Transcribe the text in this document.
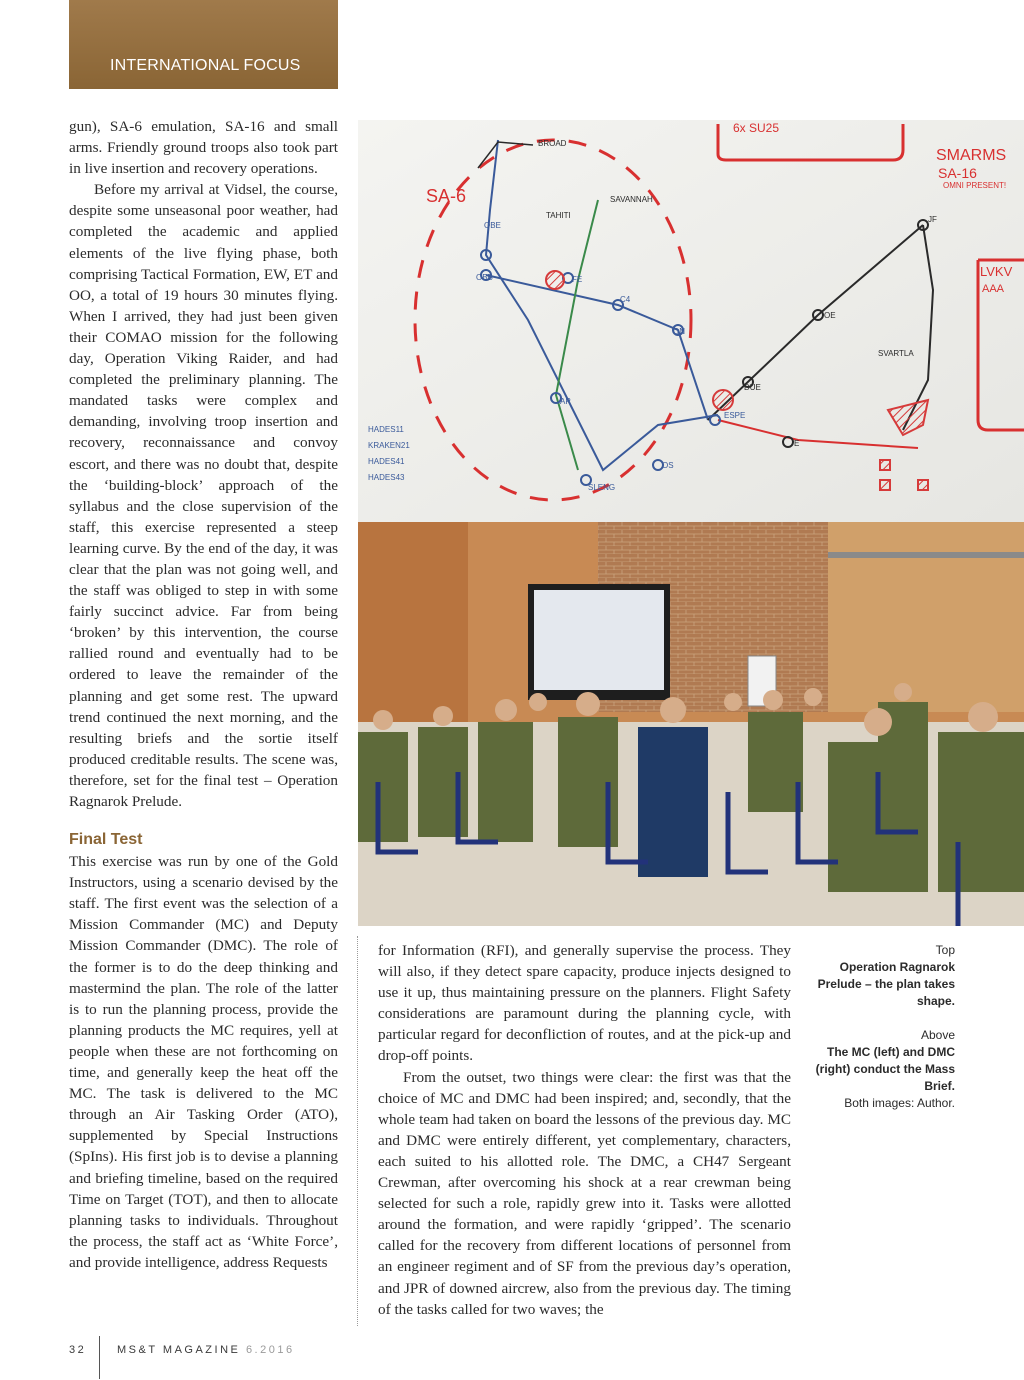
INTERNATIONAL FOCUS

gun), SA-6 emulation, SA-16 and small arms. Friendly ground troops also took part in live insertion and recovery operations.

Before my arrival at Vidsel, the course, despite some unseasonal poor weather, had completed the academic and applied elements of the live flying phase, both comprising Tactical Formation, EW, ET and OO, a total of 19 hours 30 minutes flying. When I arrived, they had just been given their COMAO mission for the following day, Operation Viking Raider, and had completed the preliminary planning. The mandated tasks were complex and demanding, involving troop insertion and recovery, reconnaissance and convoy escort, and there was no doubt that, despite the ‘building-block’ approach of the syllabus and the close supervision of the staff, this exercise represented a steep learning curve. By the end of the day, it was clear that the plan was not going well, and the staff was obliged to step in with some fairly succinct advice. Far from being ‘broken’ by this intervention, the course rallied round and eventually had to be ordered to leave the remainder of the planning and get some rest. The upward trend continued the next morning, and the resulting briefs and the sortie itself produced creditable results. The scene was, therefore, set for the final test – Operation Ragnarok Prelude.

Final Test

This exercise was run by one of the Gold Instructors, using a scenario devised by the staff. The first event was the selection of a Mission Commander (MC) and Deputy Mission Commander (DMC). The role of the former is to do the deep thinking and mastermind the plan. The role of the latter is to run the planning process, provide the planning products the MC requires, yell at people when these are not forthcoming on time, and generally keep the heat off the MC. The task is delivered to the MC through an Air Tasking Order (ATO), supplemented by Special Instructions (SpIns). His first job is to devise a planning and briefing timeline, based on the required Time on Target (TOT), and then to allocate planning tasks to individuals. Throughout the process, the staff act as ‘White Force’, and provide intelligence, address Requests

SA-6
6x SU25
SMARMS
SA-16
OMNI PRESENT!
LVKV
AAA
BROAD
SAVANNAH
TAHITI
SVARTLA
OBE
OBB	FE
C4
ON
AP
OS
SLENG
ESPE
HADES11
KRAKEN21
HADES41
HADES43
OE
JF
DUE
E

for Information (RFI), and generally supervise the process. They will also, if they detect spare capacity, produce injects designed to use it up, thus maintaining pressure on the planners. Flight Safety considerations are paramount during the planning cycle, with particular regard for deconfliction of routes, and at the pick-up and drop-off points.

From the outset, two things were clear: the first was that the choice of MC and DMC had been inspired; and, secondly, that the whole team had taken on board the lessons of the previous day. MC and DMC were entirely different, yet complementary, characters, each suited to his allotted role. The DMC, a CH47 Sergeant Crewman, after overcoming his shock at a rear crewman being selected for such a role, rapidly grew into it. Tasks were allotted around the formation, and were rapidly ‘gripped’. The scenario called for the recovery from different locations of personnel from an engineer regiment and of SF from the previous day’s operation, and JPR of downed aircrew, also from the previous day. The timing of the tasks called for two waves; the

Top
Operation Ragnarok Prelude – the plan takes shape.
Above
The MC (left) and DMC (right) conduct the Mass Brief.
Both images: Author.
32	MS&T MAGAZINE 6.2016
